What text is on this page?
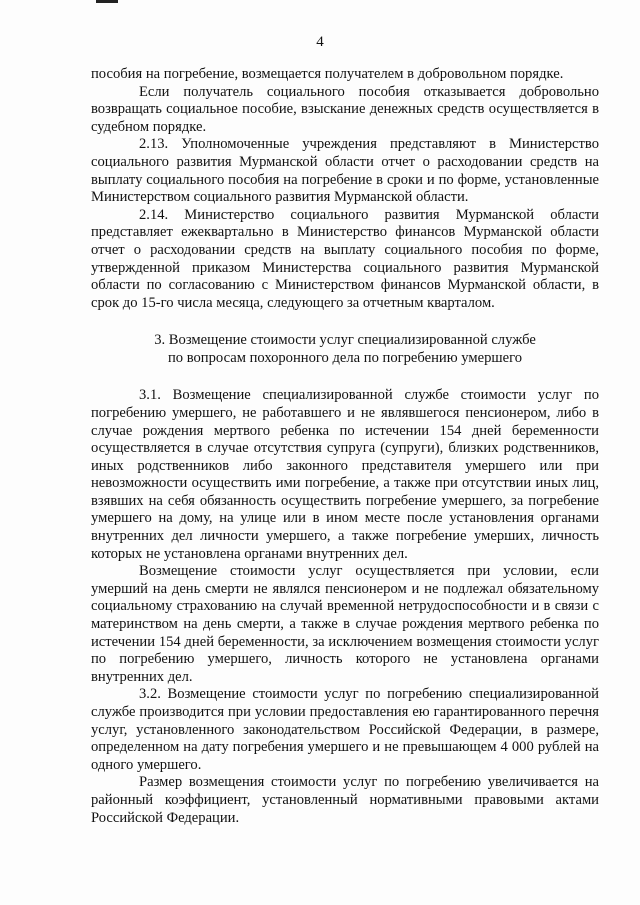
4

пособия на погребение, возмещается получателем в добровольном порядке.

Если получатель социального пособия отказывается добровольно возвращать социальное пособие, взыскание денежных средств осуществляется в судебном порядке.

2.13. Уполномоченные учреждения представляют в Министерство социального развития Мурманской области отчет о расходовании средств на выплату социального пособия на погребение в сроки и по форме, установленные Министерством социального развития Мурманской области.

2.14. Министерство социального развития Мурманской области представляет ежеквартально в Министерство финансов Мурманской области отчет о расходовании средств на выплату социального пособия по форме, утвержденной приказом Министерства социального развития Мурманской области по согласованию с Министерством финансов Мурманской области, в срок до 15-го числа месяца, следующего за отчетным кварталом.

3. Возмещение стоимости услуг специализированной службе
по вопросам похоронного дела по погребению умершего

3.1. Возмещение специализированной службе стоимости услуг по погребению умершего, не работавшего и не являвшегося пенсионером, либо в случае рождения мертвого ребенка по истечении 154 дней беременности осуществляется в случае отсутствия супруга (супруги), близких родственников, иных родственников либо законного представителя умершего или при невозможности осуществить ими погребение, а также при отсутствии иных лиц, взявших на себя обязанность осуществить погребение умершего, за погребение умершего на дому, на улице или в ином месте после установления органами внутренних дел личности умершего, а также погребение умерших, личность которых не установлена органами внутренних дел.

Возмещение стоимости услуг осуществляется при условии, если умерший на день смерти не являлся пенсионером и не подлежал обязательному социальному страхованию на случай временной нетрудоспособности и в связи с материнством на день смерти, а также в случае рождения мертвого ребенка по истечении 154 дней беременности, за исключением возмещения стоимости услуг по погребению умершего, личность которого не установлена органами внутренних дел.

3.2. Возмещение стоимости услуг по погребению специализированной службе производится при условии предоставления ею гарантированного перечня услуг, установленного законодательством Российской Федерации, в размере, определенном на дату погребения умершего и не превышающем 4 000 рублей на одного умершего.

Размер возмещения стоимости услуг по погребению увеличивается на районный коэффициент, установленный нормативными правовыми актами Российской Федерации.
